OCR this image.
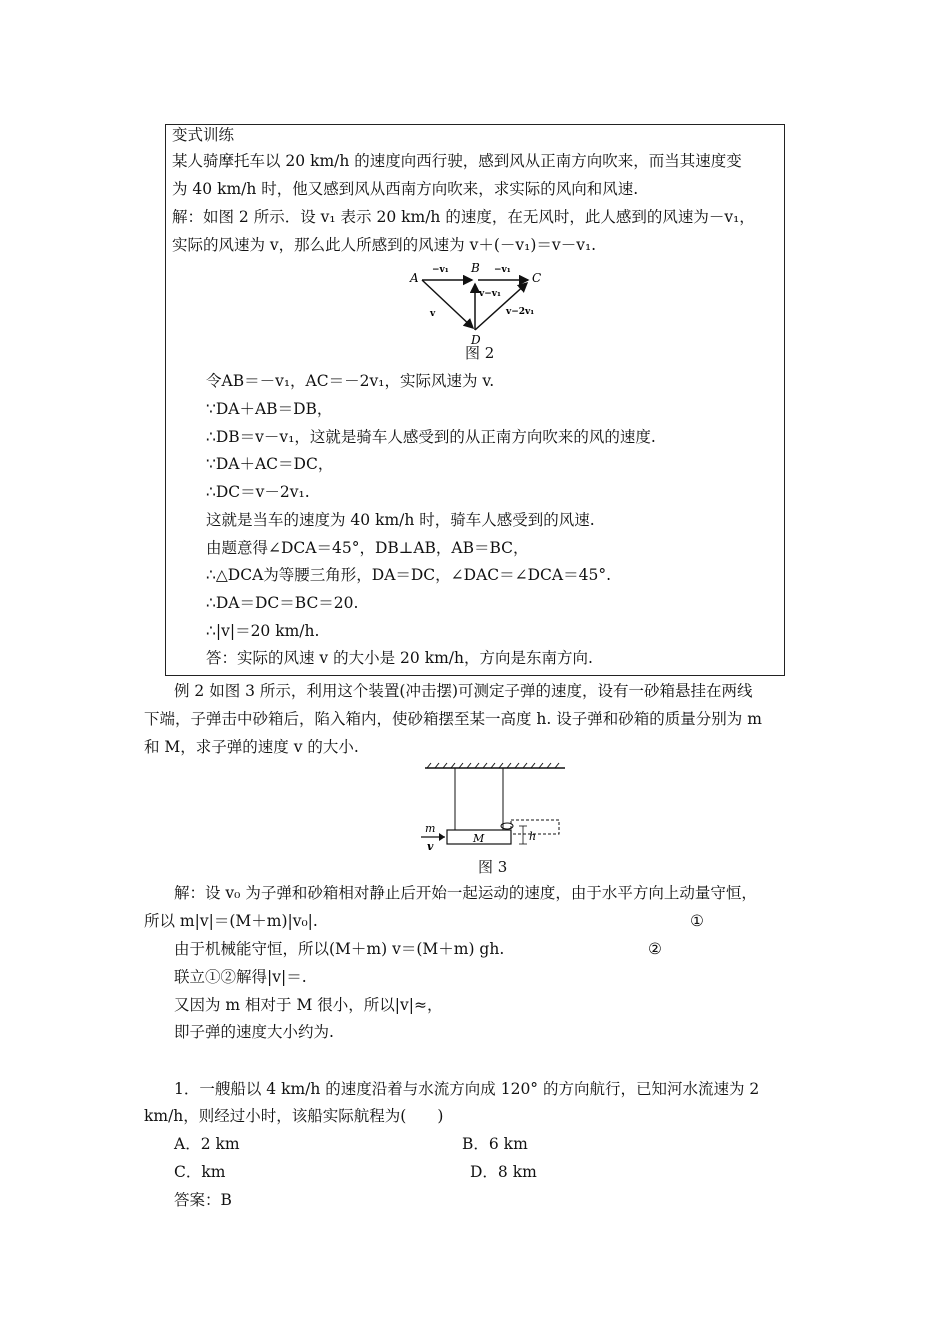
变式训练
某人骑摩托车以 20 km/h 的速度向西行驶，感到风从正南方向吹来，而当其速度变
为 40 km/h 时，他又感到风从西南方向吹来，求实际的风向和风速.
解：如图 2 所示．设 v₁ 表示 20 km/h 的速度，在无风时，此人感到的风速为－v₁，
实际的风速为 v，那么此人所感到的风速为 v＋(－v₁)＝v－v₁.
A
B
C
D
−v₁	−v₁
v−v₁
v−2v₁
v
图 2
令AB＝－v₁，AC＝－2v₁，实际风速为 v.
∵DA＋AB＝DB，
∴DB＝v－v₁，这就是骑车人感受到的从正南方向吹来的风的速度.
∵DA＋AC＝DC，
∴DC＝v－2v₁.
这就是当车的速度为 40 km/h 时，骑车人感受到的风速.
由题意得∠DCA＝45°，DB⊥AB，AB＝BC，
∴△DCA为等腰三角形，DA＝DC，∠DAC＝∠DCA＝45°.
∴DA＝DC＝BC＝20.
∴|v|＝20 km/h.
答：实际的风速 v 的大小是 20 km/h，方向是东南方向.
例 2 如图 3 所示，利用这个装置(冲击摆)可测定子弹的速度，设有一砂箱悬挂在两线
下端，子弹击中砂箱后，陷入箱内，使砂箱摆至某一高度 h. 设子弹和砂箱的质量分别为 m
和 M，求子弹的速度 v 的大小.
m
v
M	h
图 3
解：设 v₀ 为子弹和砂箱相对静止后开始一起运动的速度，由于水平方向上动量守恒，
所以 m|v|＝(M＋m)|v₀|.	①
由于机械能守恒，所以(M＋m) v＝(M＋m) gh.	②
联立①②解得|v|＝.
又因为 m 相对于 M 很小，所以|v|≈，
即子弹的速度大小约为.
1．一艘船以 4 km/h 的速度沿着与水流方向成 120° 的方向航行，已知河水流速为 2
km/h，则经过小时，该船实际航程为(　　)
A．2 km	B．6 km
C．km	D．8 km
答案：B
